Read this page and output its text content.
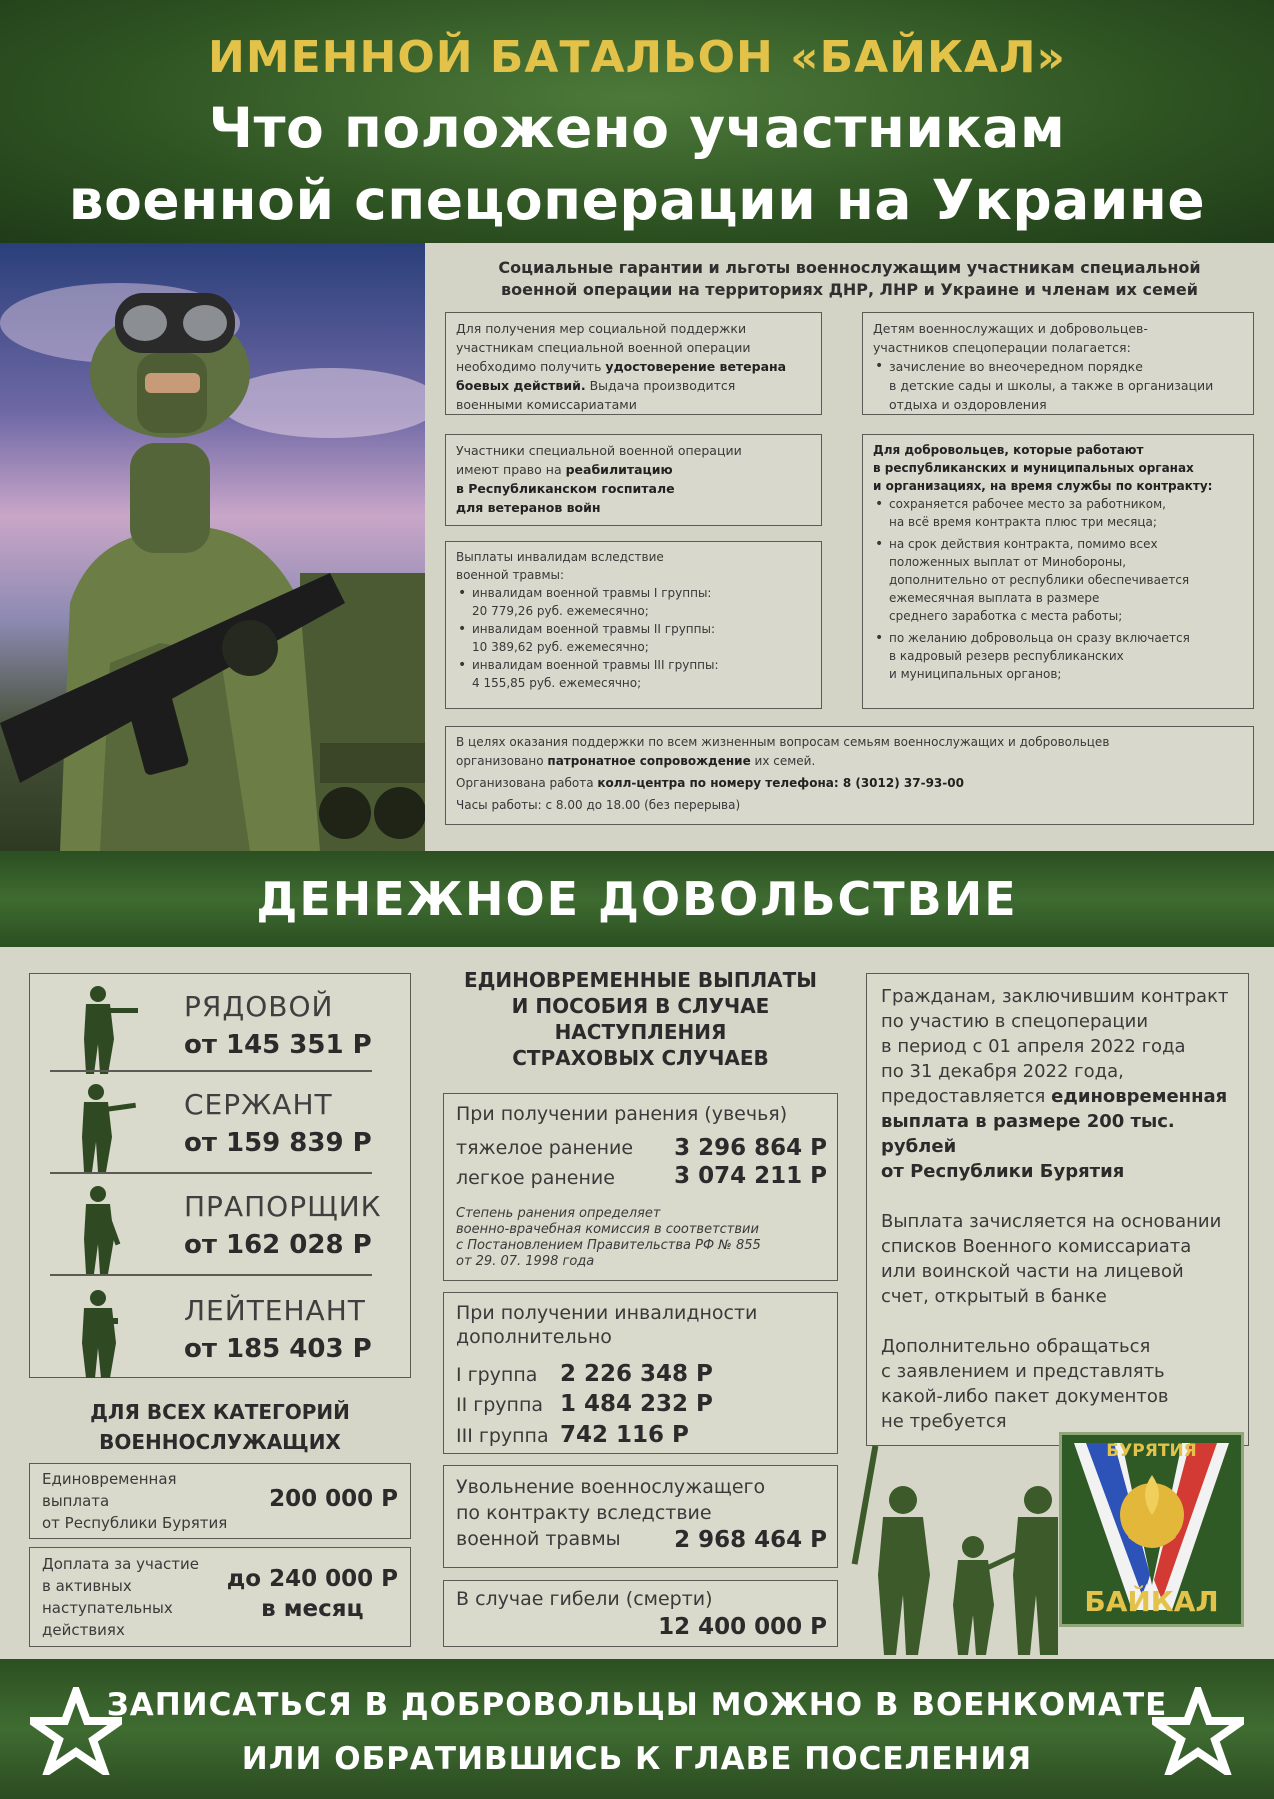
ИМЕННОЙ БАТАЛЬОН «БАЙКАЛ»
Что положено участникам
военной спецоперации на Украине
Социальные гарантии и льготы военнослужащим участникам специальной
военной операции на территориях ДНР, ЛНР и Украине и членам их семей
Для получения мер социальной поддержки
участникам специальной военной операции
необходимо получить удостоверение ветерана
боевых действий. Выдача производится
военными комиссариатами
Участники специальной военной операции
имеют право на реабилитацию
в Республиканском госпитале
для ветеранов войн
Выплаты инвалидам вследствие
военной травмы:
• инвалидам военной травмы I группы:
20 779,26 руб. ежемесячно;
• инвалидам военной травмы II группы:
10 389,62 руб. ежемесячно;
• инвалидам военной травмы III группы:
4 155,85 руб. ежемесячно;
Детям военнослужащих и добровольцев-
участников спецоперации полагается:
• зачисление во внеочередном порядке
в детские сады и школы, а также в организации
отдыха и оздоровления
Для добровольцев, которые работают
в республиканских и муниципальных органах
и организациях, на время службы по контракту:
• сохраняется рабочее место за работником,
на всё время контракта плюс три месяца;
• на срок действия контракта, помимо всех
положенных выплат от Минобороны,
дополнительно от республики обеспечивается
ежемесячная выплата в размере
среднего заработка с места работы;
• по желанию добровольца он сразу включается
в кадровый резерв республиканских
и муниципальных органов;
В целях оказания поддержки по всем жизненным вопросам семьям военнослужащих и добровольцев
организовано патронатное сопровождение их семей.
Организована работа колл-центра по номеру телефона: 8 (3012) 37-93-00
Часы работы: с 8.00 до 18.00 (без перерыва)
ДЕНЕЖНОЕ ДОВОЛЬСТВИЕ
РЯДОВОЙ
от 145 351 Р
СЕРЖАНТ
от 159 839 Р
ПРАПОРЩИК
от 162 028 Р
ЛЕЙТЕНАНТ
от 185 403 Р
ДЛЯ ВСЕХ КАТЕГОРИЙ
ВОЕННОСЛУЖАЩИХ
Единовременная
выплата
от Республики Бурятия
200 000 Р
Доплата за участие
в активных
наступательных
действиях
до 240 000 Р
в месяц
ЕДИНОВРЕМЕННЫЕ ВЫПЛАТЫ
И ПОСОБИЯ В СЛУЧАЕ
НАСТУПЛЕНИЯ
СТРАХОВЫХ СЛУЧАЕВ
При получении ранения (увечья)
тяжелое ранение 3 296 864 Р
легкое ранение	3 074 211 Р
Степень ранения определяет
военно-врачебная комиссия в соответствии
с Постановлением Правительства РФ № 855
от 29. 07. 1998 года
При получении инвалидности
дополнительно
I группа 2 226 348 Р
II группа 1 484 232 Р
III группа 742 116 Р
Увольнение военнослужащего
по контракту вследствие
военной травмы	2 968 464 Р
В случае гибели (смерти)
12 400 000 Р

Гражданам, заключившим контракт
по участию в спецоперации
в период с 01 апреля 2022 года
по 31 декабря 2022 года,
предоставляется единовременная
выплата в размере 200 тыс. рублей
от Республики Бурятия

Выплата зачисляется на основании
списков Военного комиссариата
или воинской части на лицевой
счет, открытый в банке

Дополнительно обращаться
с заявлением и представлять
какой-либо пакет документов
не требуется

БУРЯТИЯ
БАЙКАЛ
ЗАПИСАТЬСЯ В ДОБРОВОЛЬЦЫ МОЖНО В ВОЕНКОМАТЕ
ИЛИ ОБРАТИВШИСЬ К ГЛАВЕ ПОСЕЛЕНИЯ
